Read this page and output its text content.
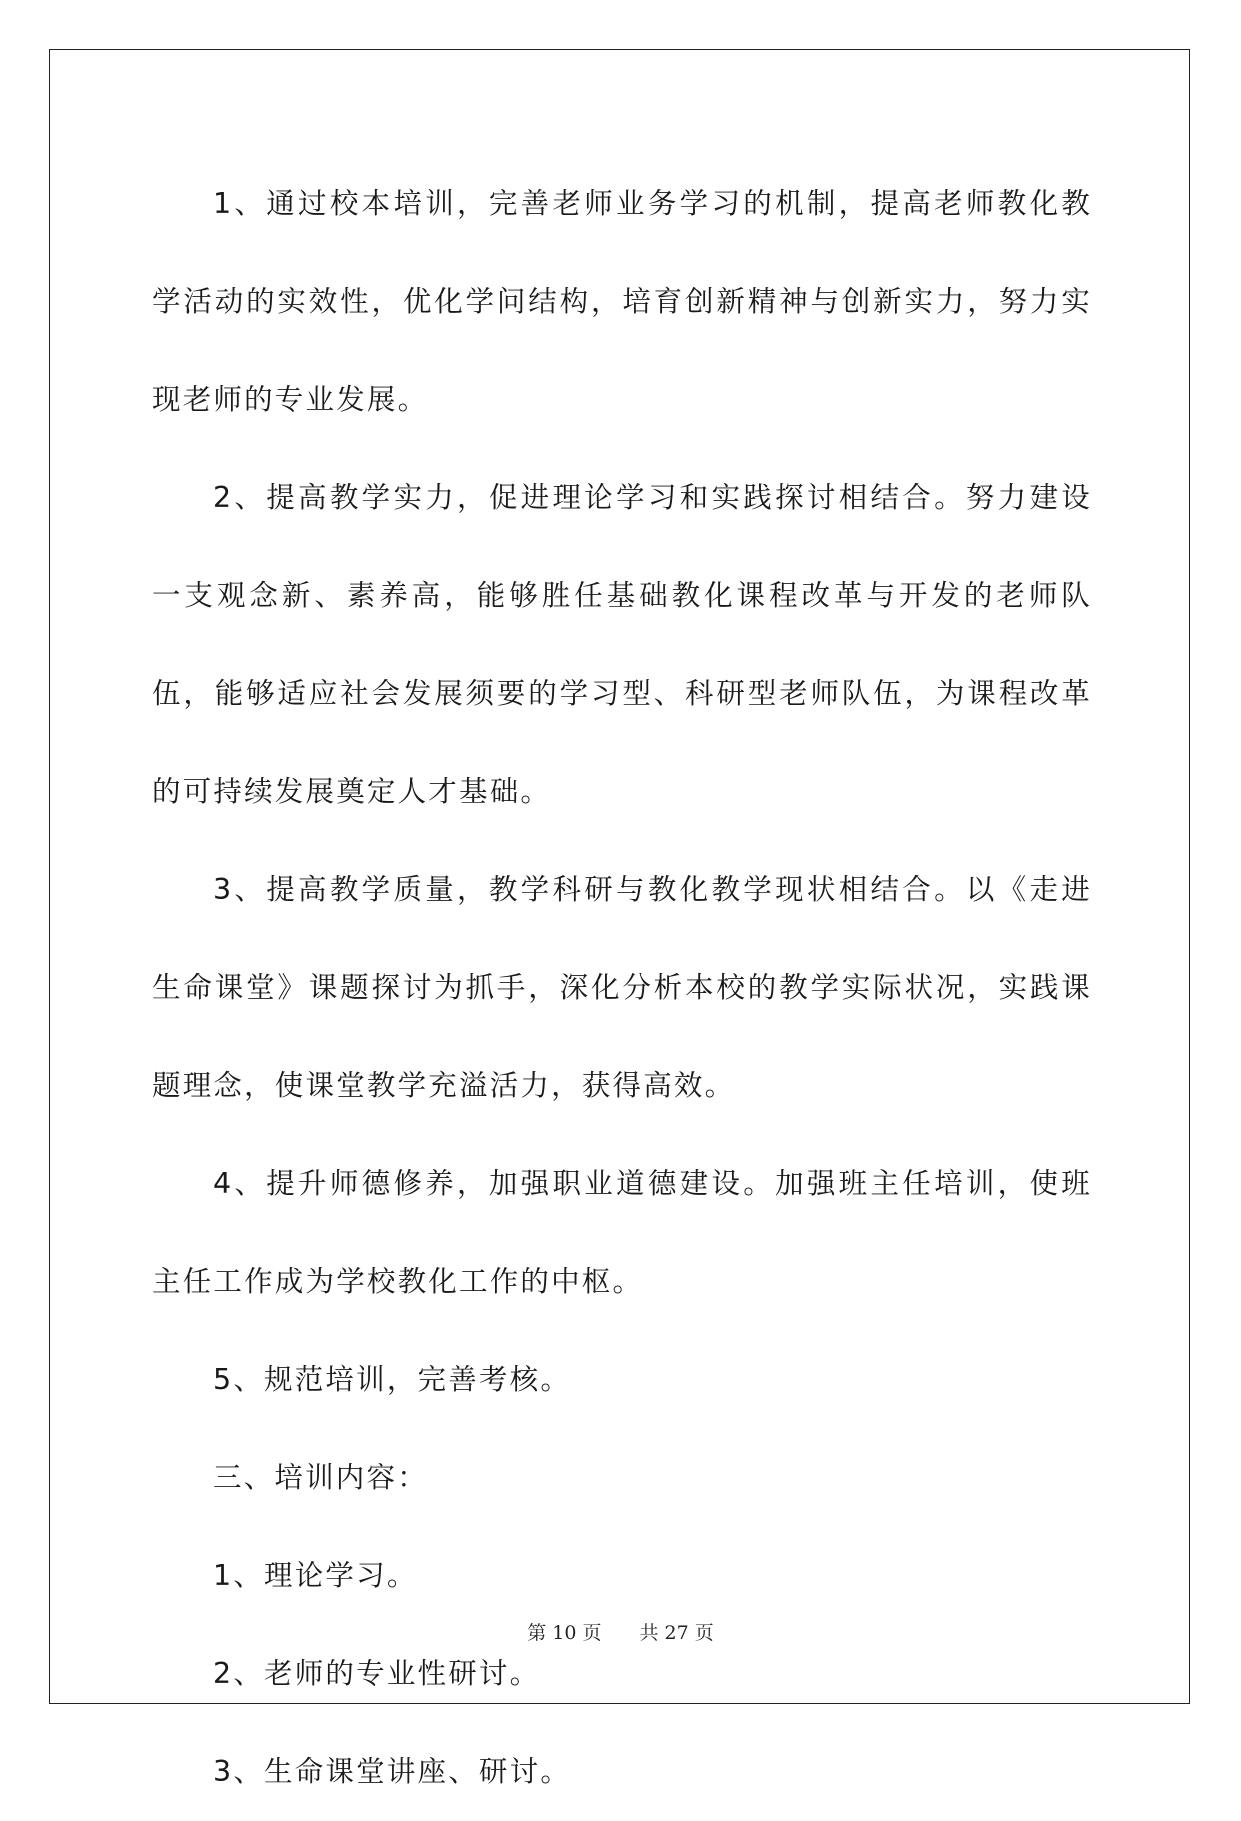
1、通过校本培训，完善老师业务学习的机制，提高老师教化教学活动的实效性，优化学问结构，培育创新精神与创新实力，努力实现老师的专业发展。

2、提高教学实力，促进理论学习和实践探讨相结合。努力建设一支观念新、素养高，能够胜任基础教化课程改革与开发的老师队伍，能够适应社会发展须要的学习型、科研型老师队伍，为课程改革的可持续发展奠定人才基础。

3、提高教学质量，教学科研与教化教学现状相结合。以《走进生命课堂》课题探讨为抓手，深化分析本校的教学实际状况，实践课题理念，使课堂教学充溢活力，获得高效。

4、提升师德修养，加强职业道德建设。加强班主任培训，使班主任工作成为学校教化工作的中枢。

5、规范培训，完善考核。

三、培训内容：

1、理论学习。

2、老师的专业性研讨。

3、生命课堂讲座、研讨。

第 10 页 共 27 页
